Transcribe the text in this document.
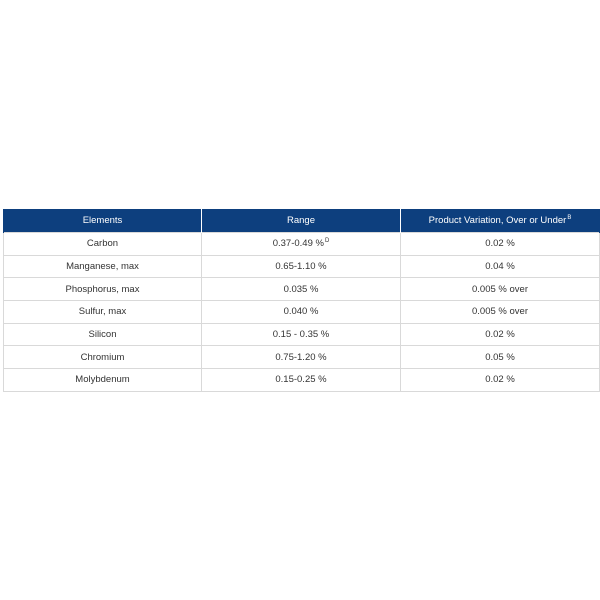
Elements	Range	Product Variation, Over or Under$^B$
Carbon	0.37-0.49 %$^D$	0.02 %
Manganese, max	0.65-1.10 %	0.04 %
Phosphorus, max	0.035 %	0.005 % over
Sulfur, max	0.040 %	0.005 % over
Silicon	0.15 - 0.35 %	0.02 %
Chromium	0.75-1.20 %	0.05 %
Molybdenum	0.15-0.25 %	0.02 %
